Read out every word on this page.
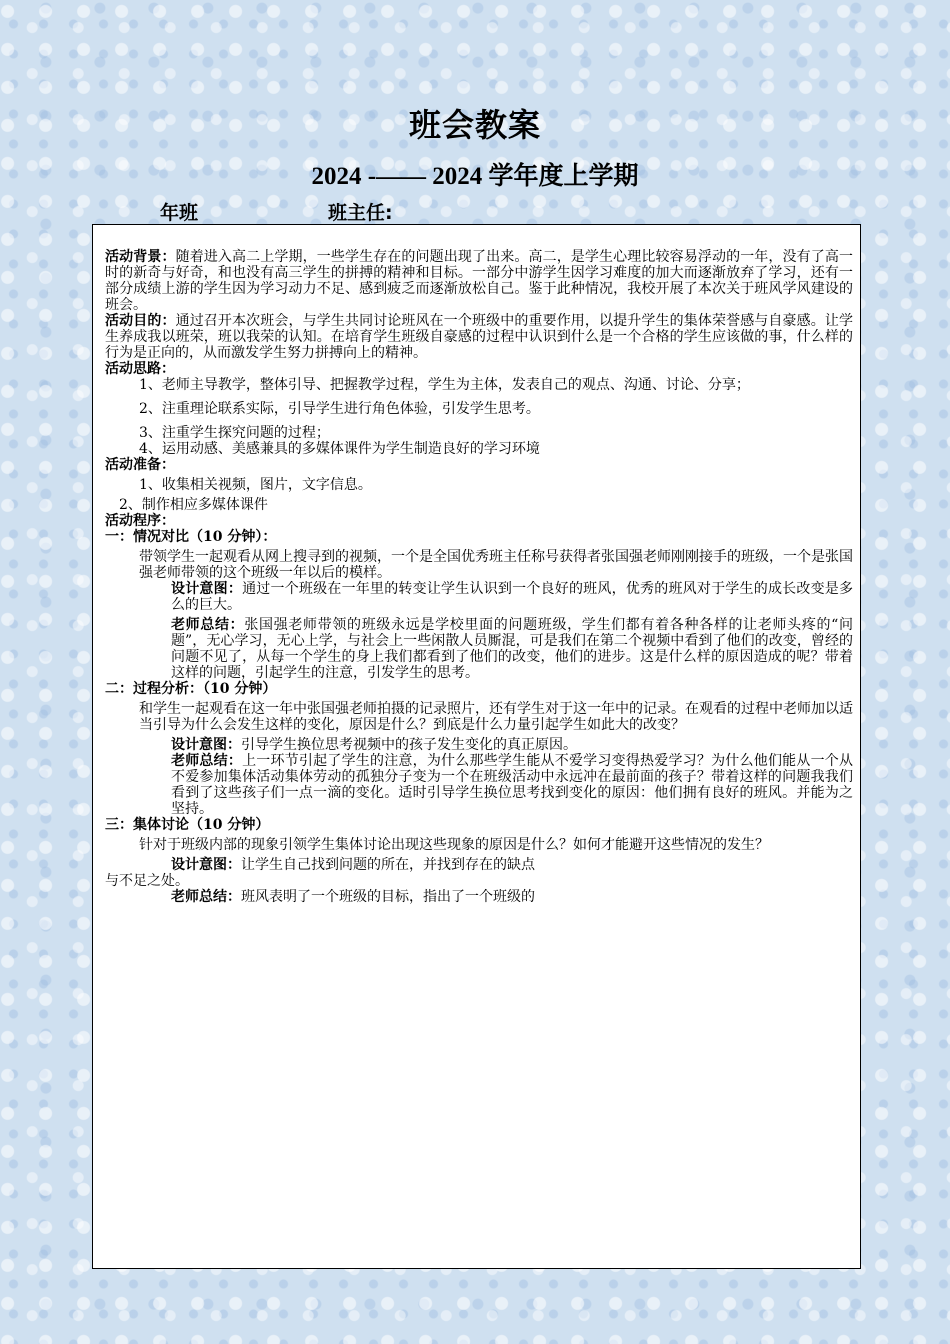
班会教案
2024 -—— 2024 学年度上学期
年班	班主任:

活动背景：随着进入高二上学期，一些学生存在的问题出现了出来。高二，是学生心理比较容易浮动的一年，没有了高一时的新奇与好奇，和也没有高三学生的拼搏的精神和目标。一部分中游学生因学习难度的加大而逐渐放弃了学习，还有一部分成绩上游的学生因为学习动力不足、感到疲乏而逐渐放松自己。鉴于此种情况，我校开展了本次关于班风学风建设的班会。

活动目的：通过召开本次班会，与学生共同讨论班风在一个班级中的重要作用，以提升学生的集体荣誉感与自豪感。让学生养成我以班荣，班以我荣的认知。在培育学生班级自豪感的过程中认识到什么是一个合格的学生应该做的事，什么样的行为是正向的，从而激发学生努力拼搏向上的精神。

活动思路：

1、老师主导教学，整体引导、把握教学过程，学生为主体，发表自己的观点、沟通、讨论、分享；

2、注重理论联系实际，引导学生进行角色体验，引发学生思考。

3、注重学生探究问题的过程；

4、运用动感、美感兼具的多媒体课件为学生制造良好的学习环境

活动准备：

1、收集相关视频，图片，文字信息。

2、制作相应多媒体课件

活动程序：

一：情况对比（10 分钟）：

带领学生一起观看从网上搜寻到的视频，一个是全国优秀班主任称号获得者张国强老师刚刚接手的班级，一个是张国强老师带领的这个班级一年以后的模样。

设计意图：通过一个班级在一年里的转变让学生认识到一个良好的班风，优秀的班风对于学生的成长改变是多么的巨大。

老师总结：张国强老师带领的班级永远是学校里面的问题班级，学生们都有着各种各样的让老师头疼的“问题”，无心学习，无心上学，与社会上一些闲散人员厮混，可是我们在第二个视频中看到了他们的改变，曾经的问题不见了，从每一个学生的身上我们都看到了他们的改变，他们的进步。这是什么样的原因造成的呢？带着这样的问题，引起学生的注意，引发学生的思考。

二：过程分析：（10 分钟）

和学生一起观看在这一年中张国强老师拍摄的记录照片，还有学生对于这一年中的记录。在观看的过程中老师加以适当引导为什么会发生这样的变化，原因是什么？到底是什么力量引起学生如此大的改变？

设计意图：引导学生换位思考视频中的孩子发生变化的真正原因。

老师总结：上一环节引起了学生的注意，为什么那些学生能从不爱学习变得热爱学习？为什么他们能从一个从不爱参加集体活动集体劳动的孤独分子变为一个在班级活动中永远冲在最前面的孩子？带着这样的问题我我们看到了这些孩子们一点一滴的变化。适时引导学生换位思考找到变化的原因：他们拥有良好的班风。并能为之坚持。

三：集体讨论（10 分钟）

针对于班级内部的现象引领学生集体讨论出现这些现象的原因是什么？如何才能避开这些情况的发生？

设计意图：让学生自己找到问题的所在，并找到存在的缺点

与不足之处。

老师总结：班风表明了一个班级的目标，指出了一个班级的
